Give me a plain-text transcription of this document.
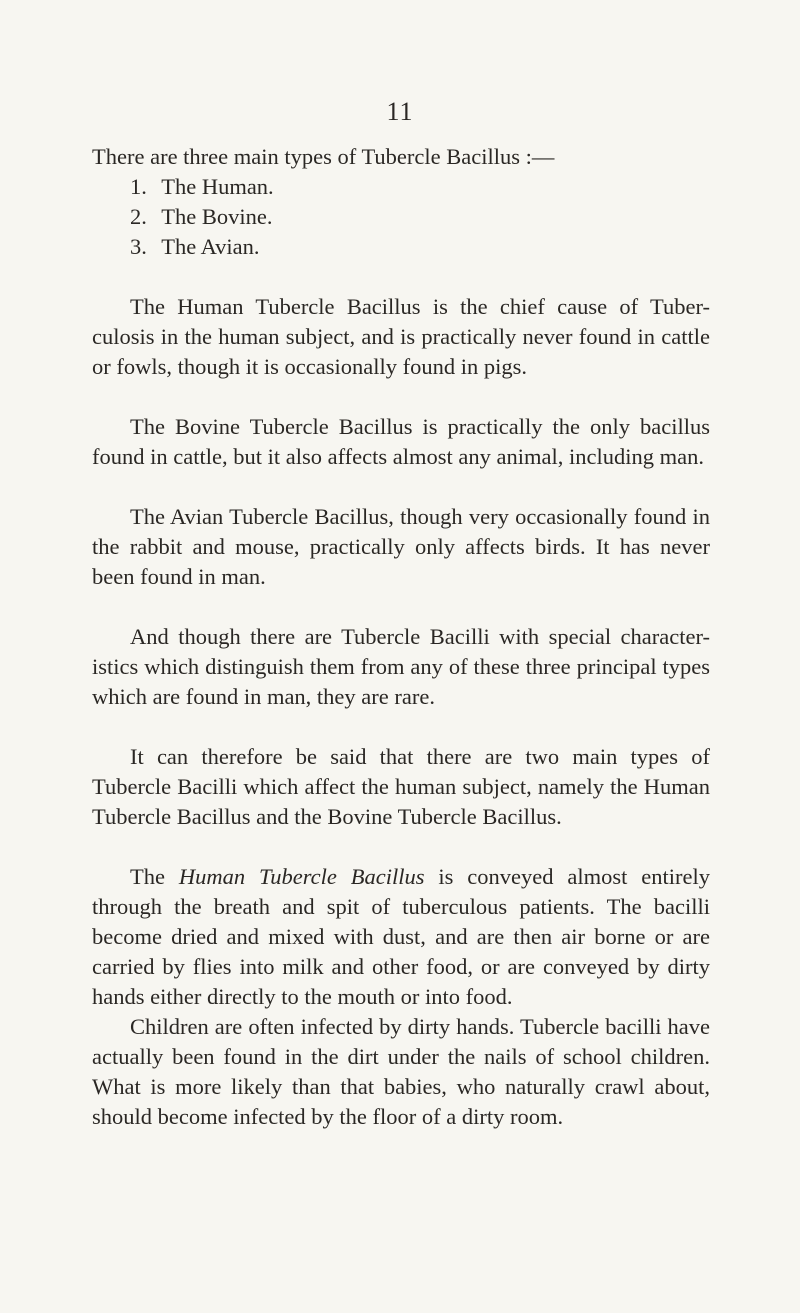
11

There are three main types of Tubercle Bacillus :—

1. The Human.
2. The Bovine.
3. The Avian.

The Human Tubercle Bacillus is the chief cause of Tuber- culosis in the human subject, and is practically never found in cattle or fowls, though it is occasionally found in pigs.

The Bovine Tubercle Bacillus is practically the only bacillus found in cattle, but it also affects almost any animal, including man.

The Avian Tubercle Bacillus, though very occasionally found in the rabbit and mouse, practically only affects birds. It has never been found in man.

And though there are Tubercle Bacilli with special character- istics which distinguish them from any of these three principal types which are found in man, they are rare.

It can therefore be said that there are two main types of Tubercle Bacilli which affect the human subject, namely the Human Tubercle Bacillus and the Bovine Tubercle Bacillus.

The Human Tubercle Bacillus is conveyed almost entirely through the breath and spit of tuberculous patients. The bacilli become dried and mixed with dust, and are then air borne or are carried by flies into milk and other food, or are conveyed by dirty hands either directly to the mouth or into food.

Children are often infected by dirty hands. Tubercle bacilli have actually been found in the dirt under the nails of school children. What is more likely than that babies, who naturally crawl about, should become infected by the floor of a dirty room.
